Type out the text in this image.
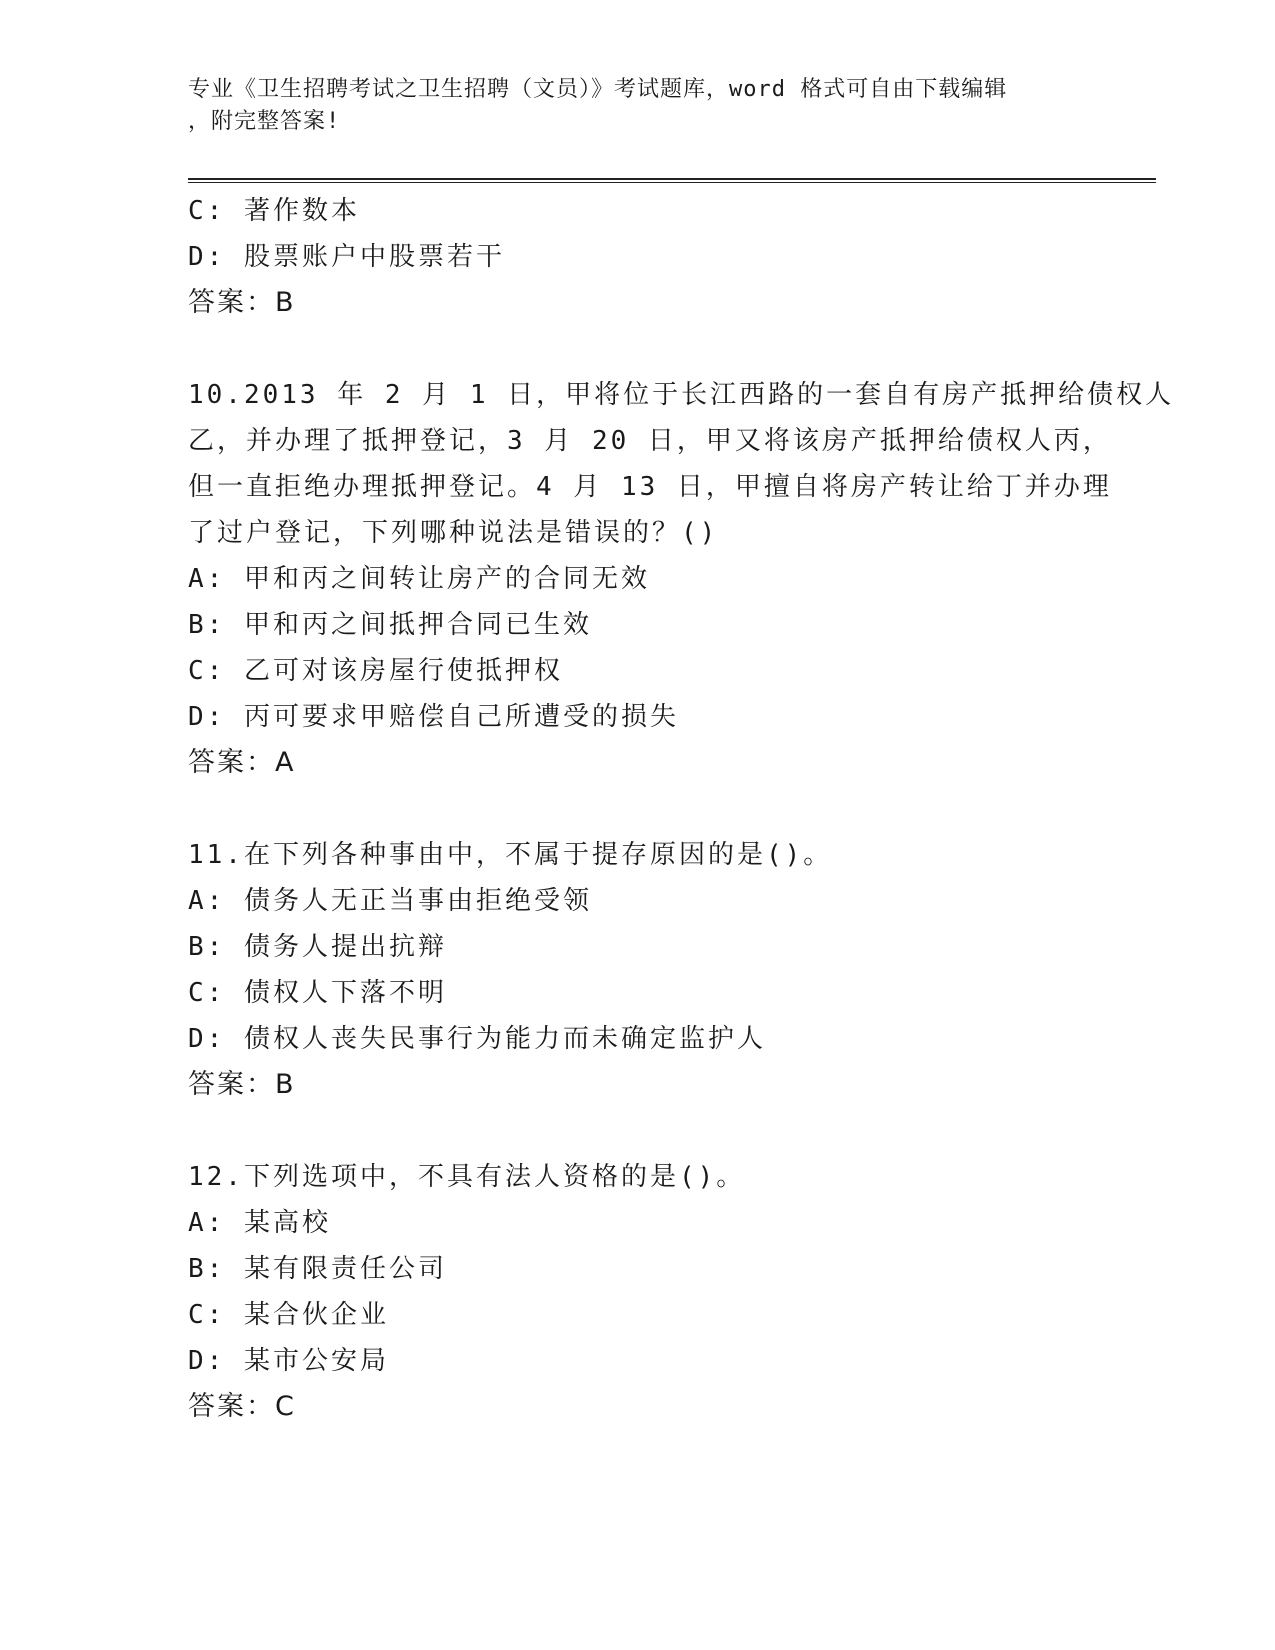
专业《卫生招聘考试之卫生招聘（文员）》考试题库，word 格式可自由下载编辑
，附完整答案!
C: 著作数本
D: 股票账户中股票若干
答案：B
10.2013 年 2 月 1 日，甲将位于长江西路的一套自有房产抵押给债权人
乙，并办理了抵押登记，3 月 20 日，甲又将该房产抵押给债权人丙，
但一直拒绝办理抵押登记。4 月 13 日，甲擅自将房产转让给丁并办理
了过户登记，下列哪种说法是错误的？()
A: 甲和丙之间转让房产的合同无效
B: 甲和丙之间抵押合同已生效
C: 乙可对该房屋行使抵押权
D: 丙可要求甲赔偿自己所遭受的损失
答案：A
11.在下列各种事由中，不属于提存原因的是()。
A: 债务人无正当事由拒绝受领
B: 债务人提出抗辩
C: 债权人下落不明
D: 债权人丧失民事行为能力而未确定监护人
答案：B
12.下列选项中，不具有法人资格的是()。
A: 某高校
B: 某有限责任公司
C: 某合伙企业
D: 某市公安局
答案：C
